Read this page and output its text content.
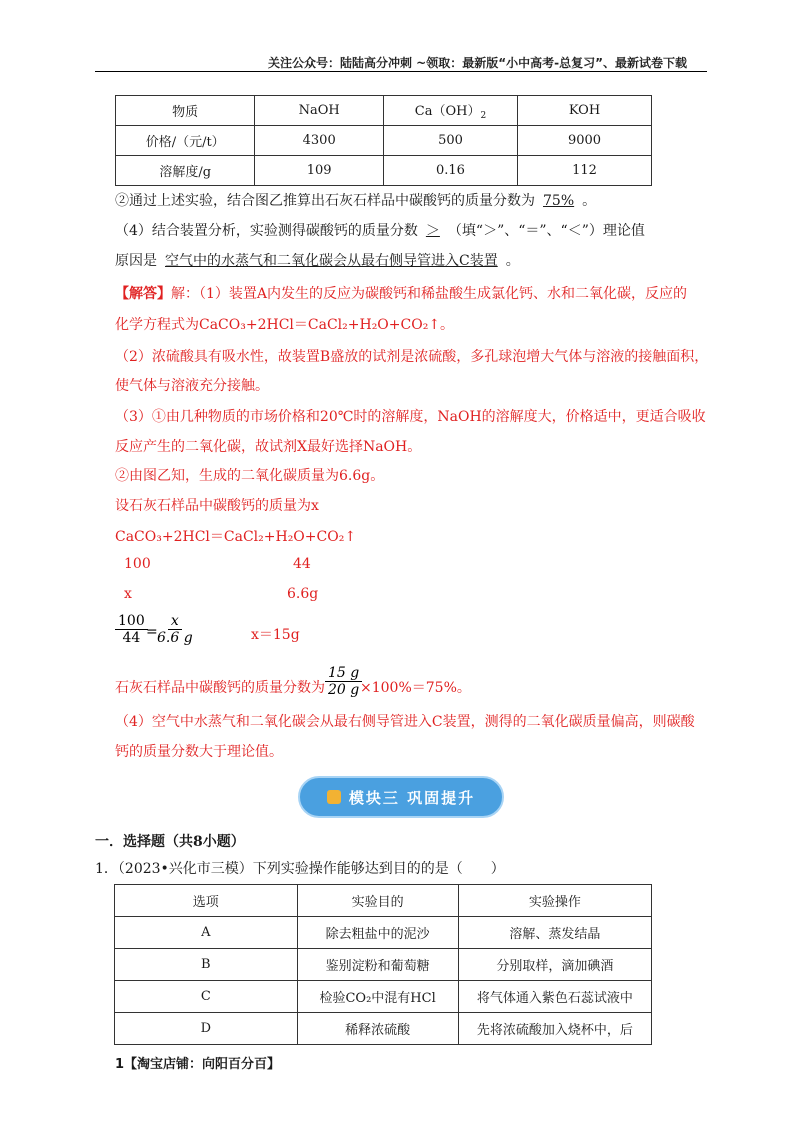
关注公众号：陆陆高分冲刺 ~领取：最新版“小中高考-总复习”、最新试卷下载
物质	NaOH	$Ca(OH)_2$	KOH
价格/（元/t）	4300	500	9000
溶解度/g	109	0.16	112
②通过上述实验，结合图乙推算出石灰石样品中碳酸钙的质量分数为 75% 。
（4）结合装置分析，实验测得碳酸钙的质量分数 ＞ （填“＞”、“＝”、“＜”）理论值
原因是 空气中的水蒸气和二氧化碳会从最右侧导管进入C装置 。
【解答】解：（1）装置A内发生的反应为碳酸钙和稀盐酸生成氯化钙、水和二氧化碳，反应的
化学方程式为CaCO₃+2HCl＝CaCl₂+H₂O+CO₂↑。
（2）浓硫酸具有吸水性，故装置B盛放的试剂是浓硫酸，多孔球泡增大气体与溶液的接触面积，
使气体与溶液充分接触。
（3）①由几种物质的市场价格和20℃时的溶解度，NaOH的溶解度大，价格适中，更适合吸收
反应产生的二氧化碳，故试剂X最好选择NaOH。
②由图乙知，生成的二氧化碳质量为6.6g。
设石灰石样品中碳酸钙的质量为x
CaCO₃+2HCl＝CaCl₂+H₂O+CO₂↑
100	44
x	6.6g
$\frac{100}{44}$
= $\frac{x}{6.6 g}$	x＝15g
石灰石样品中碳酸钙的质量分数为 $\frac{15 g}{20 g}$
×100%＝75%。
（4）空气中水蒸气和二氧化碳会从最右侧导管进入C装置，测得的二氧化碳质量偏高，则碳酸
钙的质量分数大于理论值。
模块三 巩固提升
一．选择题（共8小题）
1．（2023•兴化市三模）下列实验操作能够达到目的的是（　　）
选项	实验目的	实验操作
A	除去粗盐中的泥沙	溶解、蒸发结晶
B	鉴别淀粉和葡萄糖	分别取样，滴加碘酒
C	检验CO₂中混有HCl	将气体通入紫色石蕊试液中
D	稀释浓硫酸	先将浓硫酸加入烧杯中，后
1【淘宝店铺：向阳百分百】
